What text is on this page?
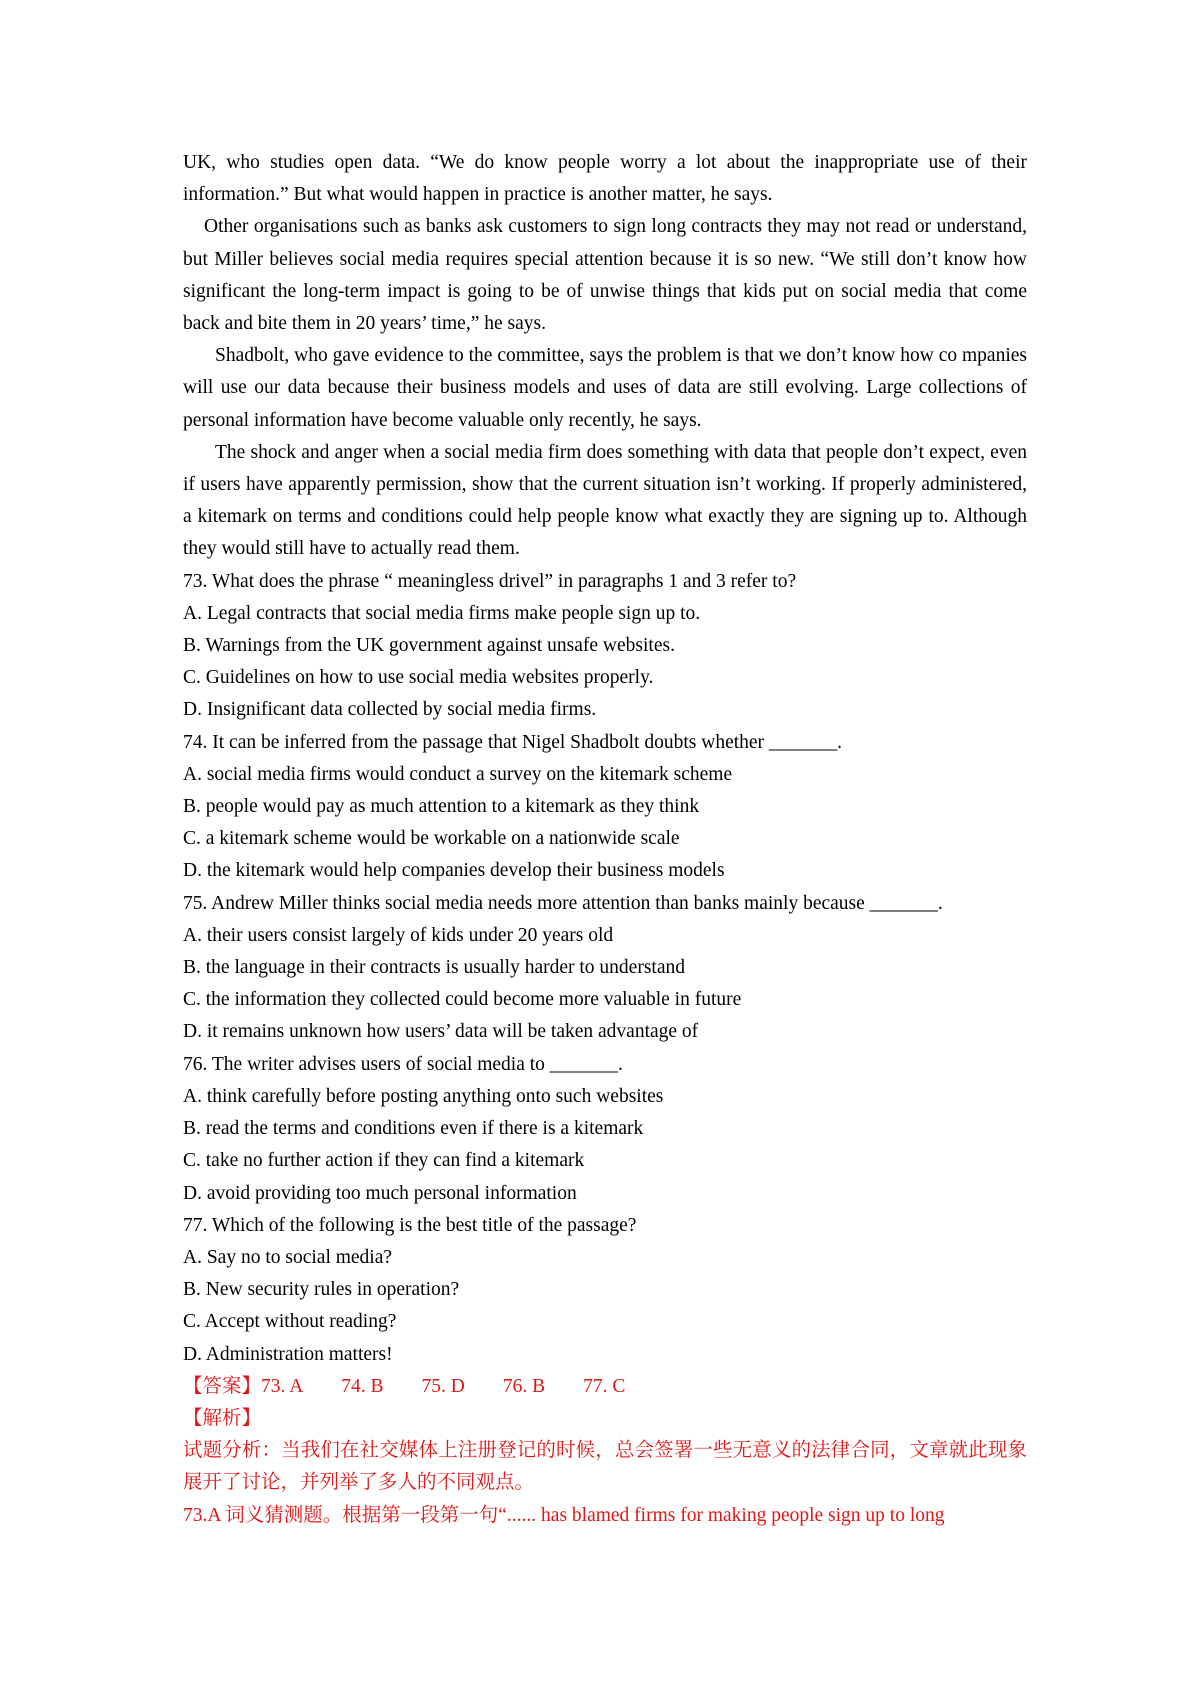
UK, who studies open data. “We do know people worry a lot about the inappropriate use of their information.” But what would happen in practice is another matter, he says.

Other organisations such as banks ask customers to sign long contracts they may not read or understand, but Miller believes social media requires special attention because it is so new. “We still don’t know how significant the long-term impact is going to be of unwise things that kids put on social media that come back and bite them in 20 years’ time,” he says.

Shadbolt, who gave evidence to the committee, says the problem is that we don’t know how co mpanies will use our data because their business models and uses of data are still evolving. Large collections of personal information have become valuable only recently, he says.

The shock and anger when a social media firm does something with data that people don’t expect, even if users have apparently permission, show that the current situation isn’t working. If properly administered, a kitemark on terms and conditions could help people know what exactly they are signing up to. Although they would still have to actually read them.

73. What does the phrase “ meaningless drivel” in paragraphs 1 and 3 refer to?

A. Legal contracts that social media firms make people sign up to.

B. Warnings from the UK government against unsafe websites.

C. Guidelines on how to use social media websites properly.

D. Insignificant data collected by social media firms.

74. It can be inferred from the passage that Nigel Shadbolt doubts whether _______.

A. social media firms would conduct a survey on the kitemark scheme

B. people would pay as much attention to a kitemark as they think

C. a kitemark scheme would be workable on a nationwide scale

D. the kitemark would help companies develop their business models

75. Andrew Miller thinks social media needs more attention than banks mainly because _______.

A. their users consist largely of kids under 20 years old

B. the language in their contracts is usually harder to understand

C. the information they collected could become more valuable in future

D. it remains unknown how users’ data will be taken advantage of

76. The writer advises users of social media to _______.

A. think carefully before posting anything onto such websites

B. read the terms and conditions even if there is a kitemark

C. take no further action if they can find a kitemark

D. avoid providing too much personal information

77. Which of the following is the best title of the passage?

A. Say no to social media?

B. New security rules in operation?

C. Accept without reading?

D. Administration matters!

【答案】73. A 74. B 75. D 76. B 77. C

【解析】

试题分析：当我们在社交媒体上注册登记的时候，总会签署一些无意义的法律合同，文章就此现象展开了讨论，并列举了多人的不同观点。

73.A 词义猜测题。根据第一段第一句“...... has blamed firms for making people sign up to long
